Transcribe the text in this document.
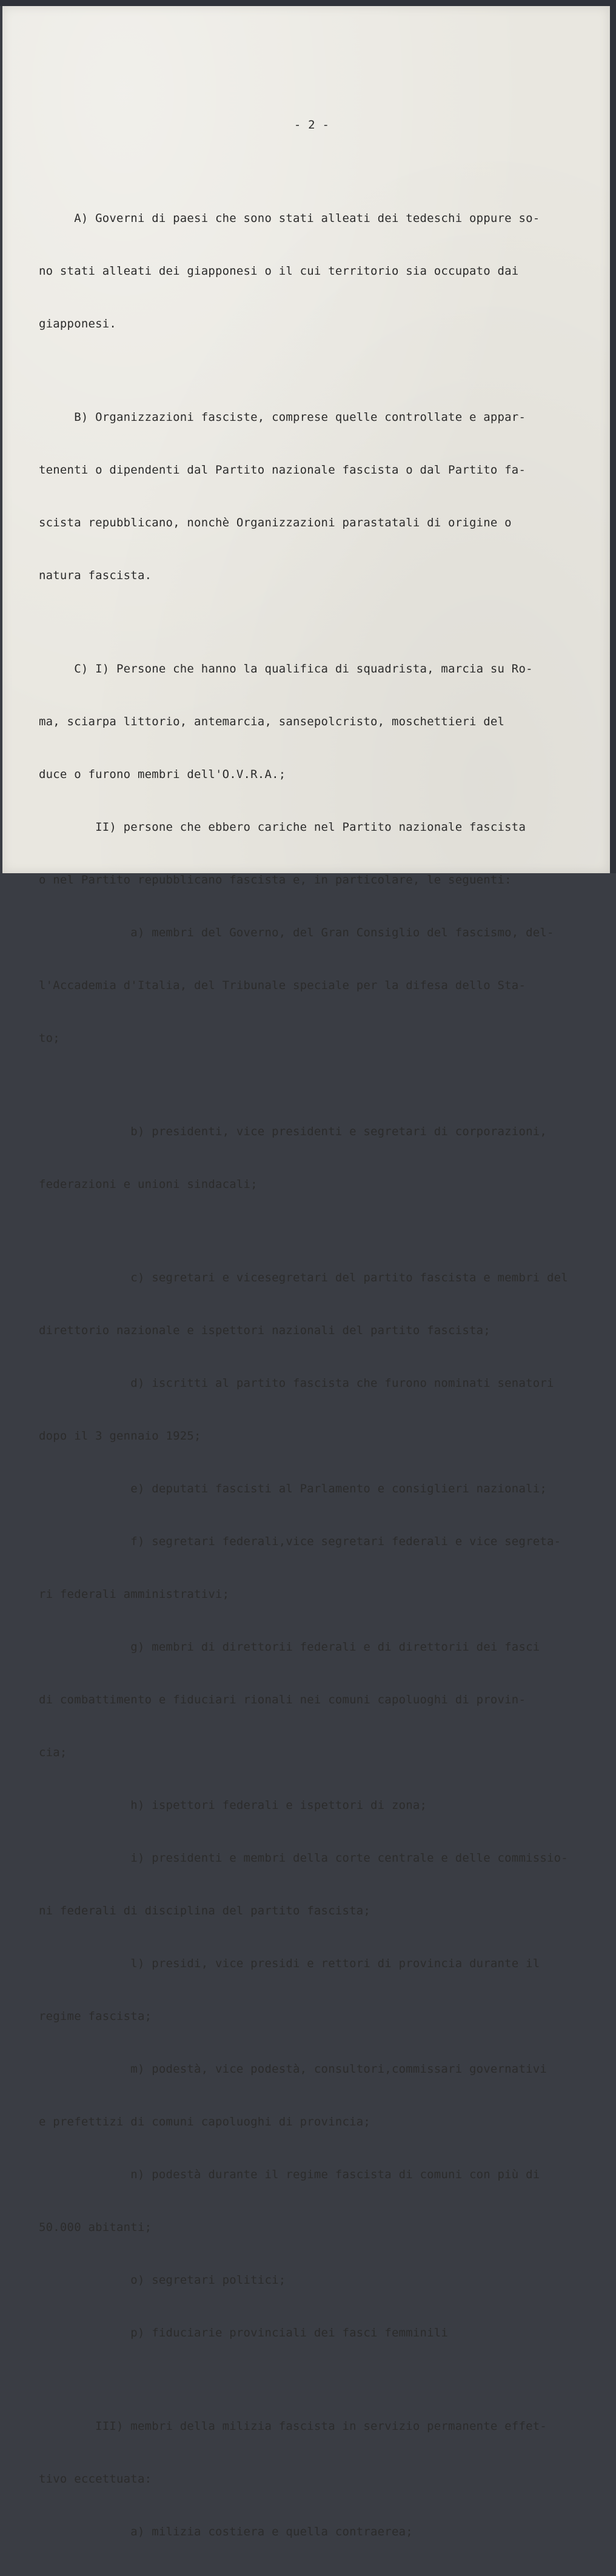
- 2 -

A) Governi di paesi che sono stati alleati dei tedeschi oppure so-

no stati alleati dei giapponesi o il cui territorio sia occupato dai

giapponesi.

B) Organizzazioni fasciste, comprese quelle controllate e appar-

tenenti o dipendenti dal Partito nazionale fascista o dal Partito fa-

scista repubblicano, nonchè Organizzazioni parastatali di origine o

natura fascista.

C) I) Persone che hanno la qualifica di squadrista, marcia su Ro-

ma, sciarpa littorio, antemarcia, sansepolcristo, moschettieri del

duce o furono membri dell'O.V.R.A.;

II) persone che ebbero cariche nel Partito nazionale fascista

o nel Partito repubblicano fascista e, in particolare, le seguenti:

a) membri del Governo, del Gran Consiglio del fascismo, del-

l'Accademia d'Italia, del Tribunale speciale per la difesa dello Sta-

to;

b) presidenti, vice presidenti e segretari di corporazioni,

federazioni e unioni sindacali;

c) segretari e vicesegretari del partito fascista e membri del

direttorio nazionale e ispettori nazionali del partito fascista;

d) iscritti al partito fascista che furono nominati senatori

dopo il 3 gennaio 1925;

e) deputati fascisti al Parlamento e consiglieri nazionali;

f) segretari federali,vice segretari federali e vice segreta-

ri federali amministrativi;

g) membri di direttorii federali e di direttorii dei fasci

di combattimento e fiduciari rionali nei comuni capoluoghi di provin-

cia;

h) ispettori federali e ispettori di zona;

i) presidenti e membri della corte centrale e delle commissio-

ni federali di disciplina del partito fascista;

l) presidi, vice presidi e rettori di provincia durante il

regime fascista;

m) podestà, vice podestà, consultori,commissari governativi

e prefettizi di comuni capoluoghi di provincia;

n) podestà durante il regime fascista di comuni con più di

50.000 abitanti;

o) segretari politici;

p) fiduciarie provinciali dei fasci femminili

III) membri della milizia fascista in servizio permanente effet-

tivo eccettuata:

a) milizia costiera e quella contraerea;
